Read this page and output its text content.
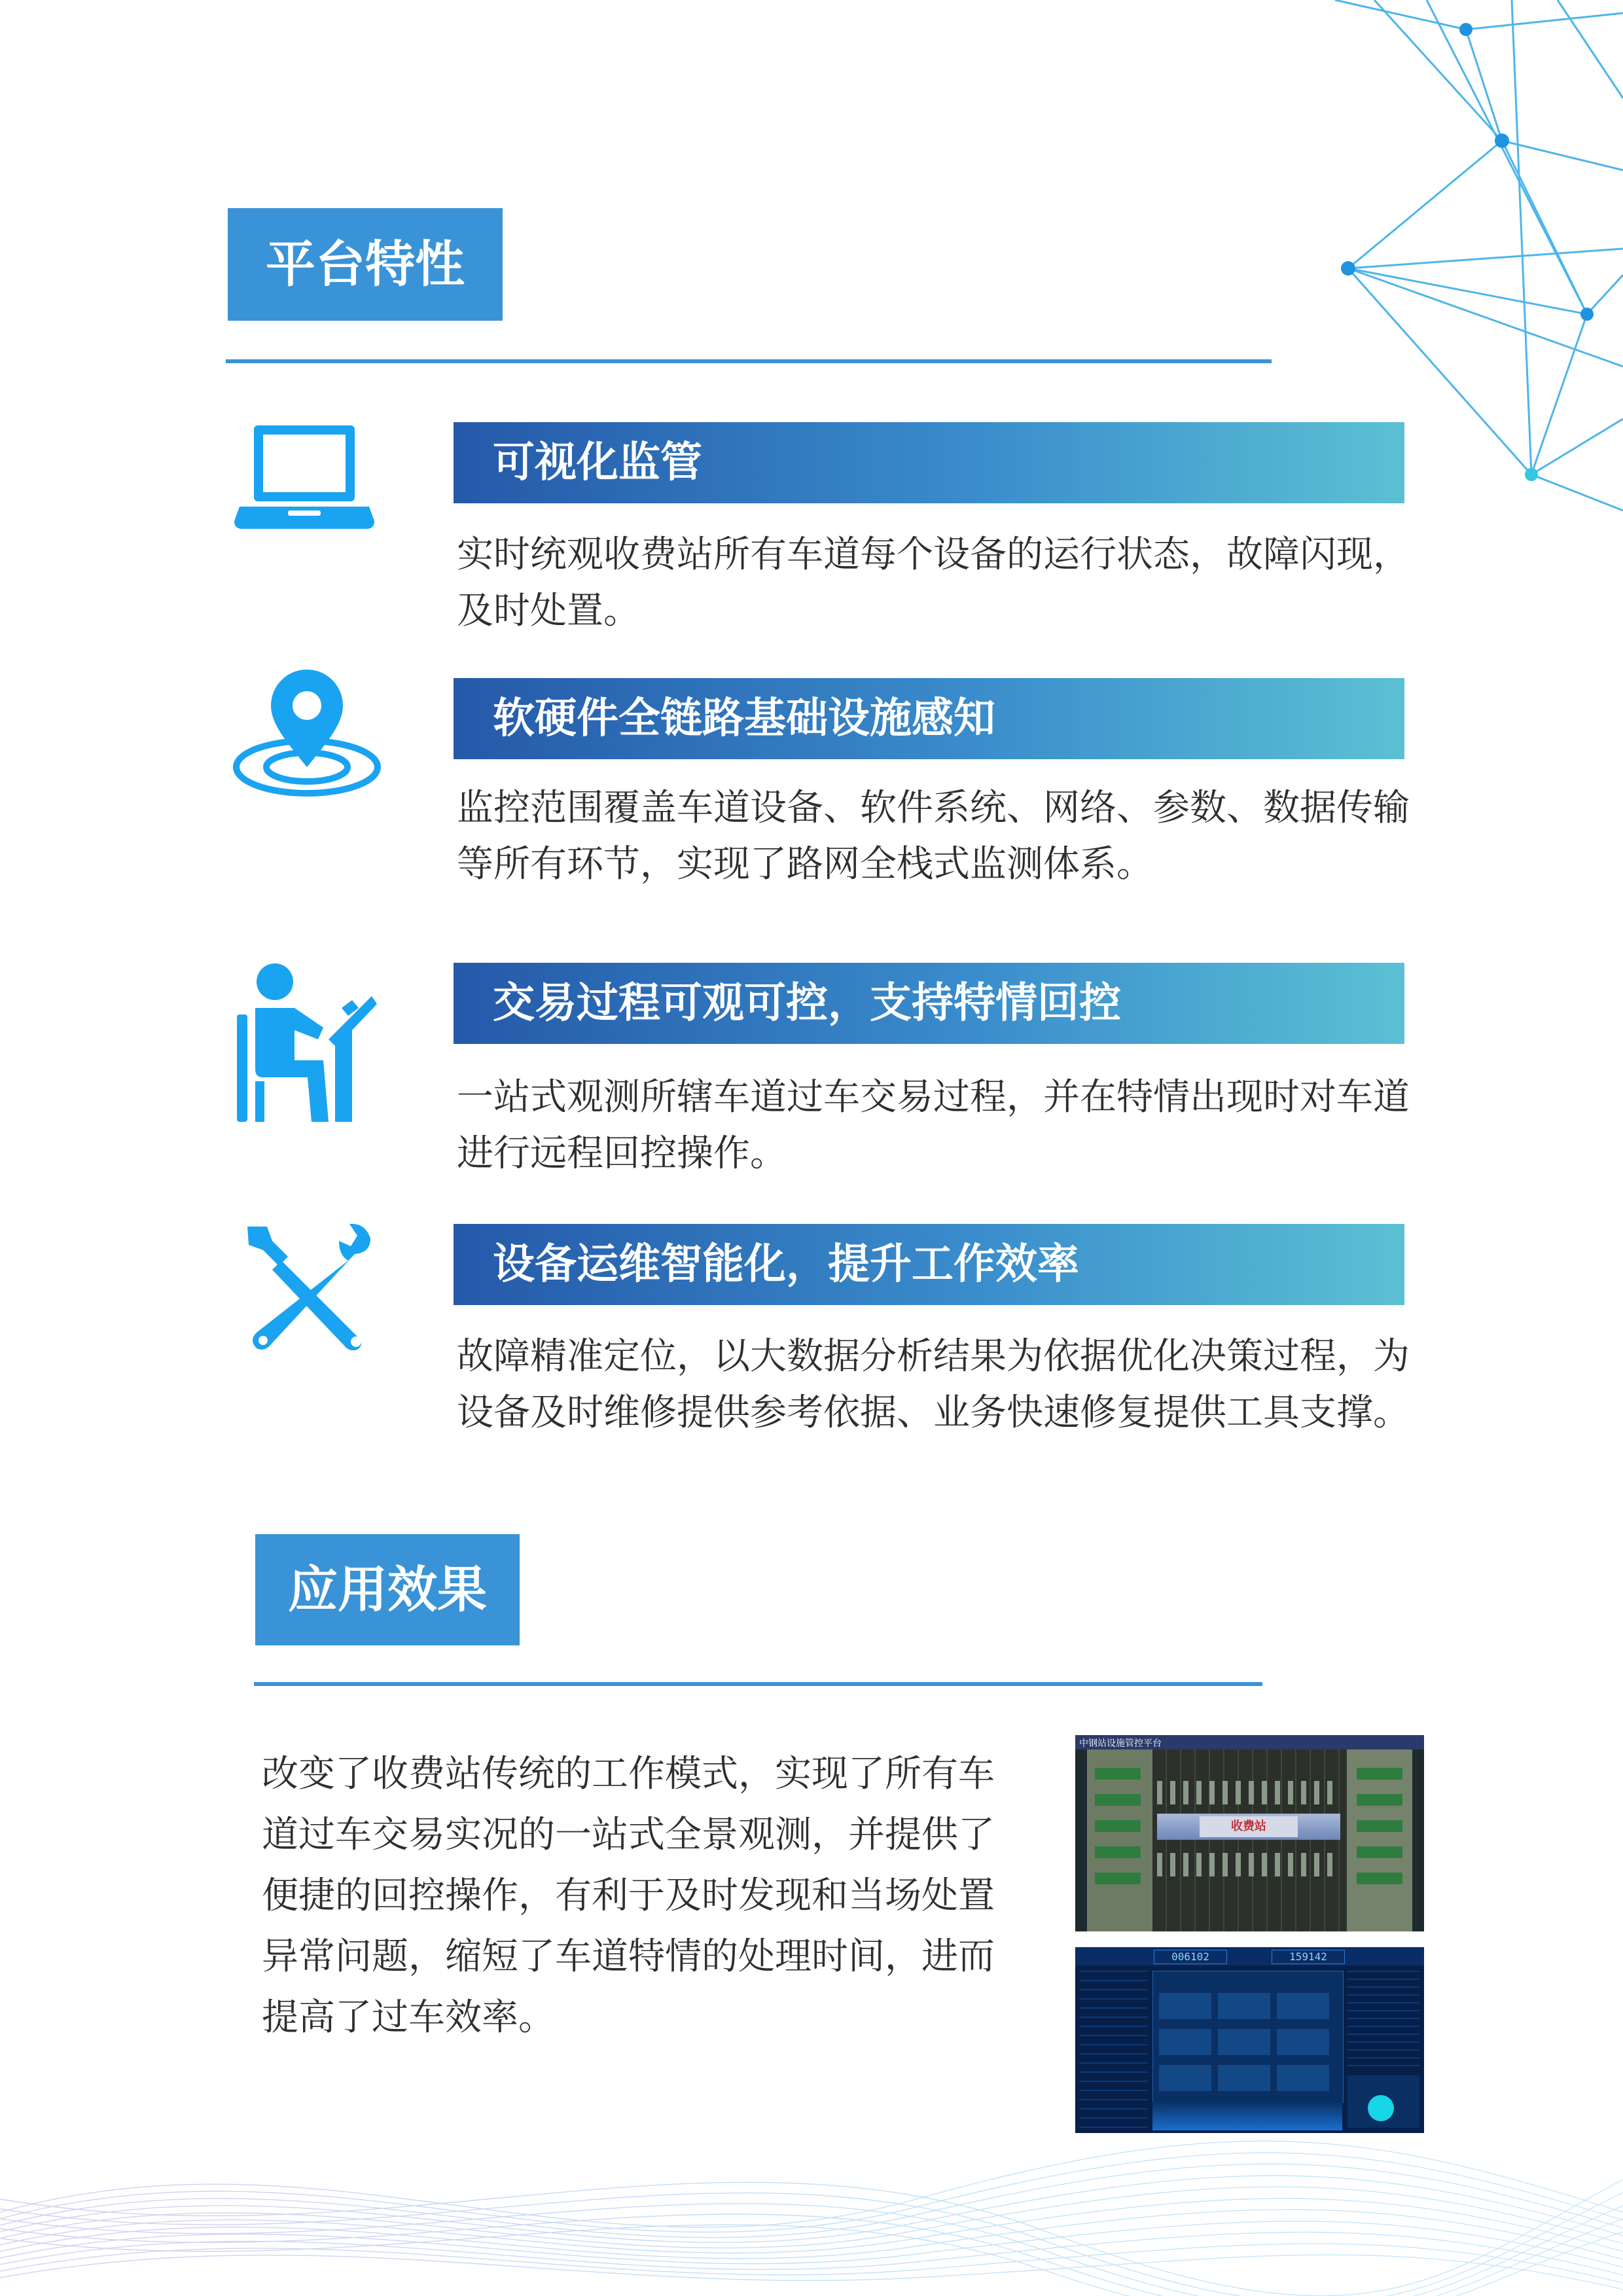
平台特性
可视化监管
实时统观收费站所有车道每个设备的运行状态，故障闪现，及时处置。
软硬件全链路基础设施感知
监控范围覆盖车道设备、软件系统、网络、参数、数据传输等所有环节，实现了路网全栈式监测体系。
交易过程可观可控，支持特情回控
一站式观测所辖车道过车交易过程，并在特情出现时对车道进行远程回控操作。
设备运维智能化，提升工作效率
故障精准定位，以大数据分析结果为依据优化决策过程，为设备及时维修提供参考依据、业务快速修复提供工具支撑。
应用效果
改变了收费站传统的工作模式，实现了所有车道过车交易实况的一站式全景观测，并提供了便捷的回控操作，有利于及时发现和当场处置异常问题，缩短了车道特情的处理时间，进而提高了过车效率。
中钢站设施管控平台
收费站
006102	159142
